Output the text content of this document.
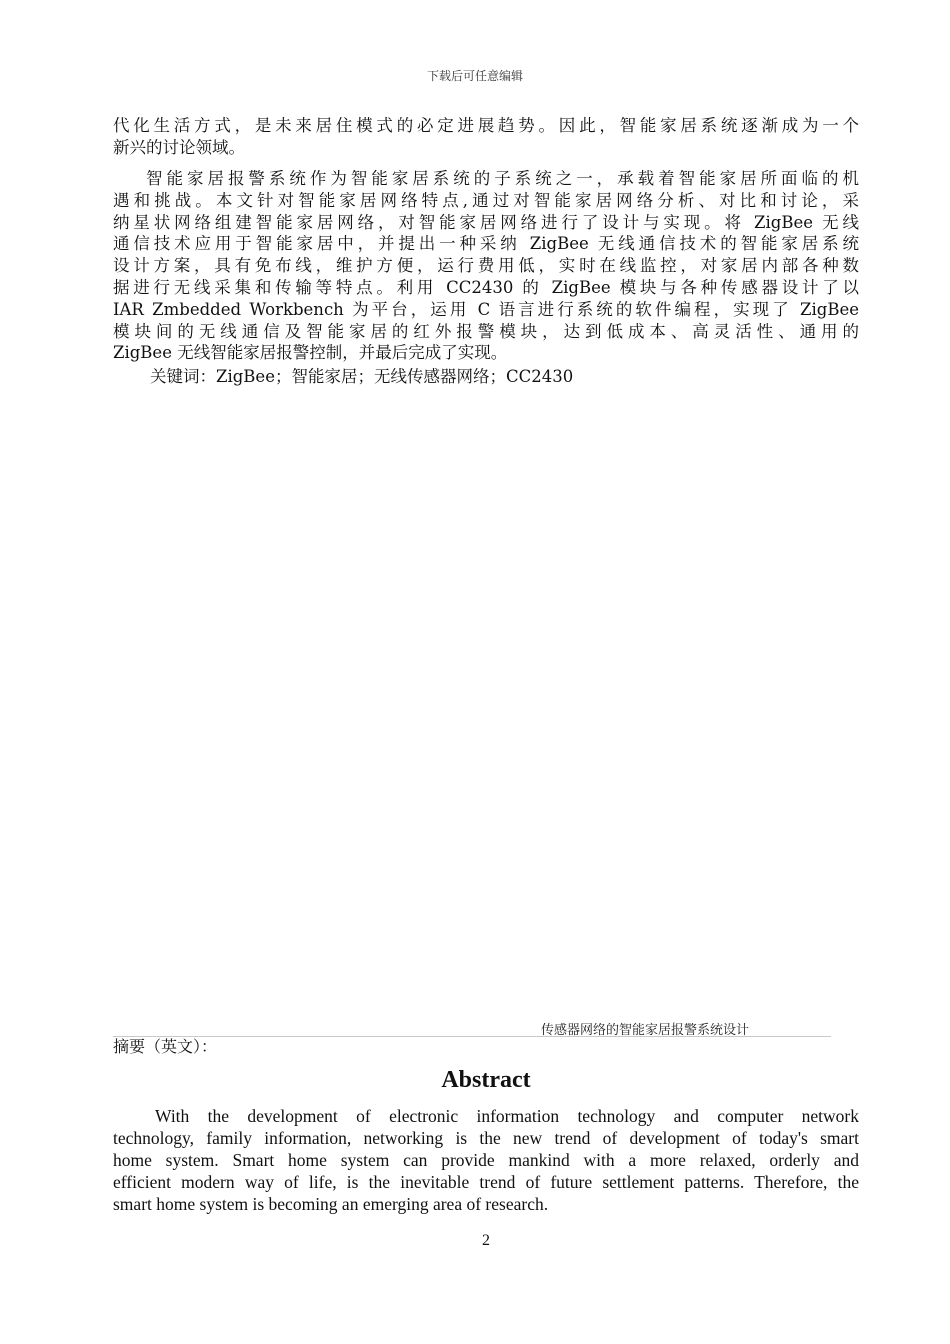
下载后可任意编辑
代化生活方式，是未来居住模式的必定进展趋势。因此，智能家居系统逐渐成为一个
新兴的讨论领域。
智能家居报警系统作为智能家居系统的子系统之一，承载着智能家居所面临的机
遇和挑战。本文针对智能家居网络特点,通过对智能家居网络分析、对比和讨论，采
纳星状网络组建智能家居网络，对智能家居网络进行了设计与实现。将 ZigBee 无线
通信技术应用于智能家居中，并提出一种采纳 ZigBee 无线通信技术的智能家居系统
设计方案，具有免布线，维护方便，运行费用低，实时在线监控，对家居内部各种数
据进行无线采集和传输等特点。利用 CC2430 的 ZigBee 模块与各种传感器设计了以
IAR Zmbedded Workbench 为平台，运用 C 语言进行系统的软件编程，实现了 ZigBee
模块间的无线通信及智能家居的红外报警模块，达到低成本、高灵活性、通用的
ZigBee 无线智能家居报警控制，并最后完成了实现。
关键词：ZigBee；智能家居；无线传感器网络；CC2430
传感器网络的智能家居报警系统设计
摘要（英文）：
Abstract
With the development of electronic information technology and computer network
technology, family information, networking is the new trend of development of today's smart
home system. Smart home system can provide mankind with a more relaxed, orderly and
efficient modern way of life, is the inevitable trend of future settlement patterns. Therefore, the
smart home system is becoming an emerging area of research.
2
